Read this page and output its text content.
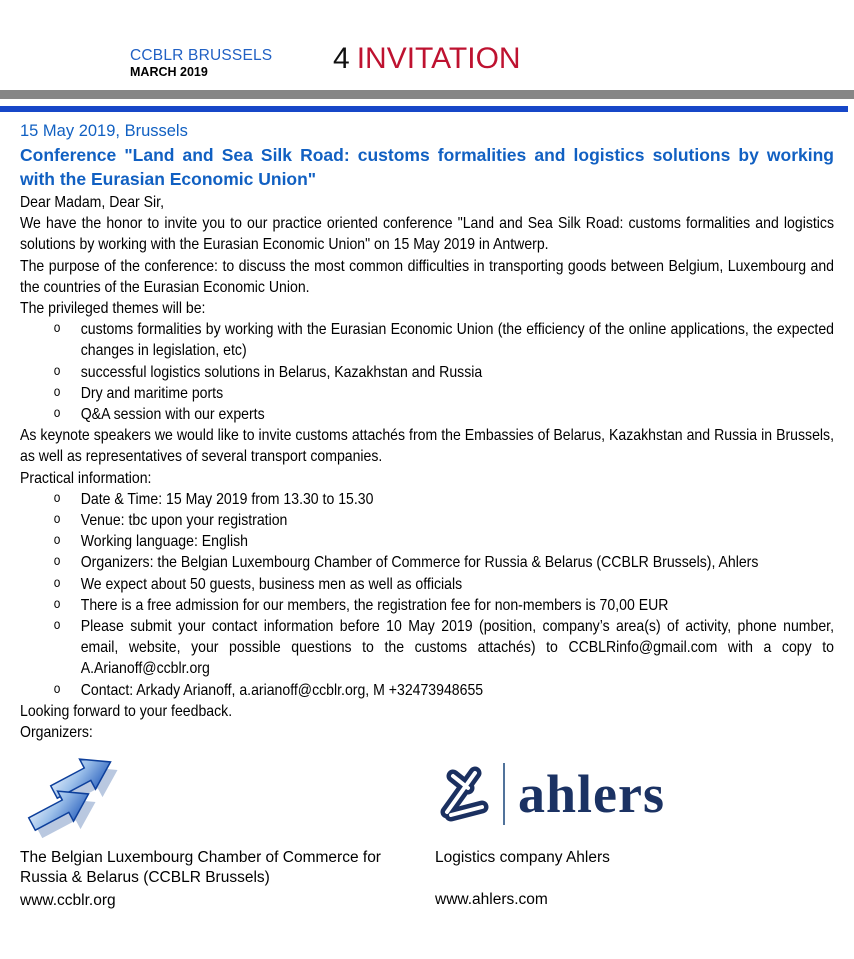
CCBLR BRUSSELS
MARCH 2019	4 INVITATION
15 May 2019, Brussels
Conference "Land and Sea Silk Road: customs formalities and logistics solutions by working with the Eurasian Economic Union"

Dear Madam, Dear Sir,

We have the honor to invite you to our practice oriented conference "Land and Sea Silk Road: customs formalities and logistics solutions by working with the Eurasian Economic Union" on 15 May 2019 in Antwerp.

The purpose of the conference: to discuss the most common difficulties in transporting goods between Belgium, Luxembourg and the countries of the Eurasian Economic Union.

The privileged themes will be:

o	customs formalities by working with the Eurasian Economic Union (the efficiency of the online applications, the expected changes in legislation, etc)
o	successful logistics solutions in Belarus, Kazakhstan and Russia
o	Dry and maritime ports
o	Q&A session with our experts

As keynote speakers we would like to invite customs attachés from the Embassies of Belarus, Kazakhstan and Russia in Brussels, as well as representatives of several transport companies.

Practical information:

o	Date & Time: 15 May 2019 from 13.30 to 15.30
o	Venue: tbc upon your registration
o	Working language: English
o	Organizers: the Belgian Luxembourg Chamber of Commerce for Russia & Belarus (CCBLR Brussels), Ahlers
o	We expect about 50 guests, business men as well as officials
o	There is a free admission for our members, the registration fee for non-members is 70,00 EUR
o	Please submit your contact information before 10 May 2019 (position, company’s area(s) of activity, phone number, email, website, your possible questions to the customs attachés) to CCBLRinfo@gmail.com with a copy to A.Arianoff@ccblr.org
o	Contact: Arkady Arianoff, a.arianoff@ccblr.org, M +32473948655

Looking forward to your feedback.

Organizers:

The Belgian Luxembourg Chamber of Commerce for Russia & Belarus (CCBLR Brussels)
www.ccblr.org
ahlers
Logistics company Ahlers
www.ahlers.com
